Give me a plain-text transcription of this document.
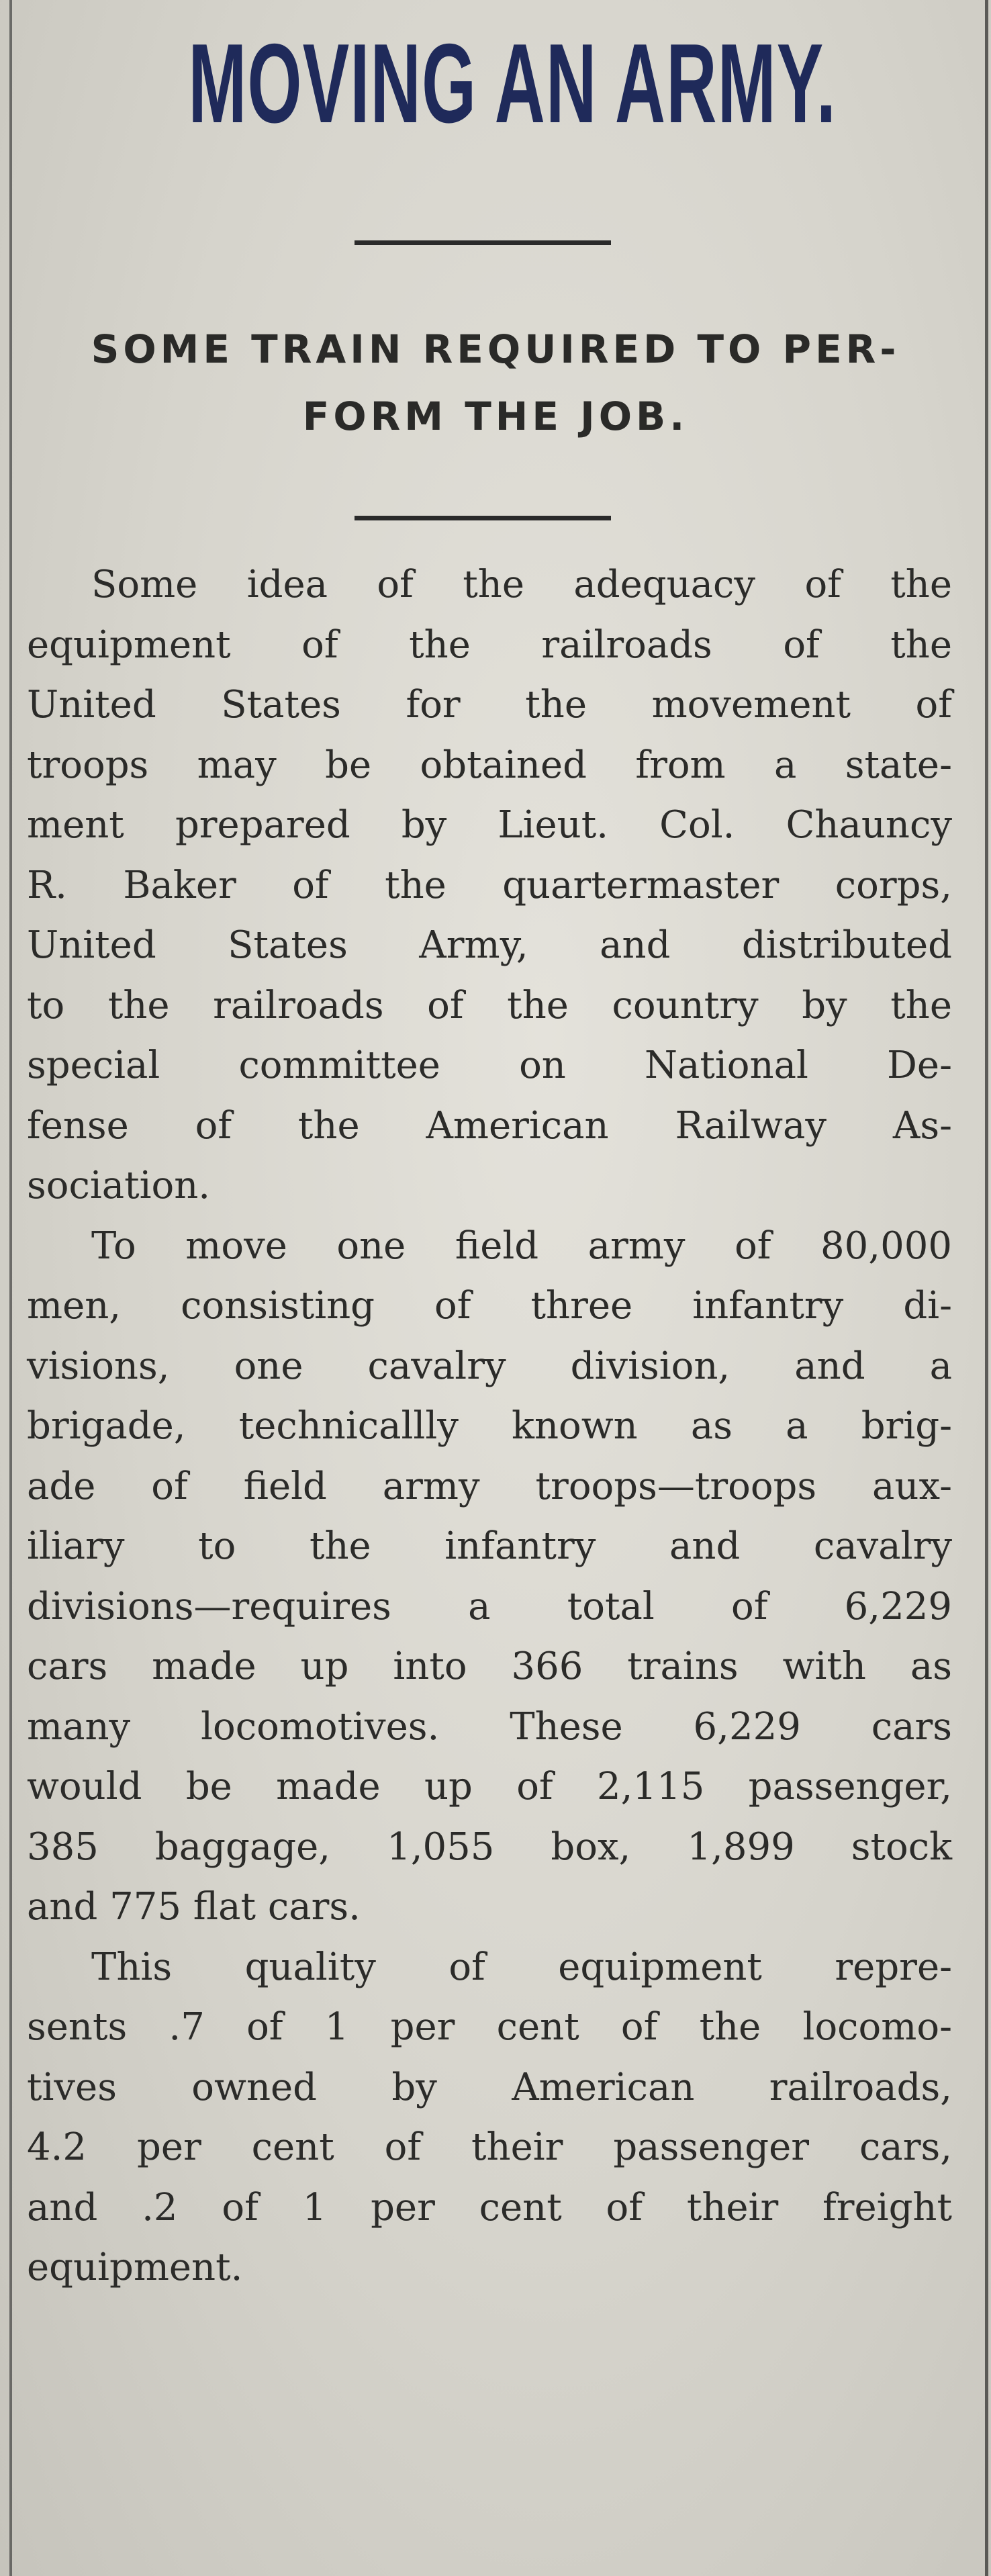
MOVING AN ARMY.
SOME TRAIN REQUIRED TO PER-
FORM THE JOB.
Some idea of the adequacy of the
equipment of the railroads of the
United States for the movement of
troops may be obtained from a state-
ment prepared by Lieut. Col. Chauncy
R. Baker of the quartermaster corps,
United States Army, and distributed
to the railroads of the country by the
special committee on National De-
fense of the American Railway As-
sociation.
To move one field army of 80,000
men, consisting of three infantry di-
visions, one cavalry division, and a
brigade, technicallly known as a brig-
ade of field army troops—troops aux-
iliary to the infantry and cavalry
divisions—requires a total of 6,229
cars made up into 366 trains with as
many locomotives. These 6,229 cars
would be made up of 2,115 passenger,
385 baggage, 1,055 box, 1,899 stock
and 775 flat cars.
This quality of equipment repre-
sents .7 of 1 per cent of the locomo-
tives owned by American railroads,
4.2 per cent of their passenger cars,
and .2 of 1 per cent of their freight
equipment.
